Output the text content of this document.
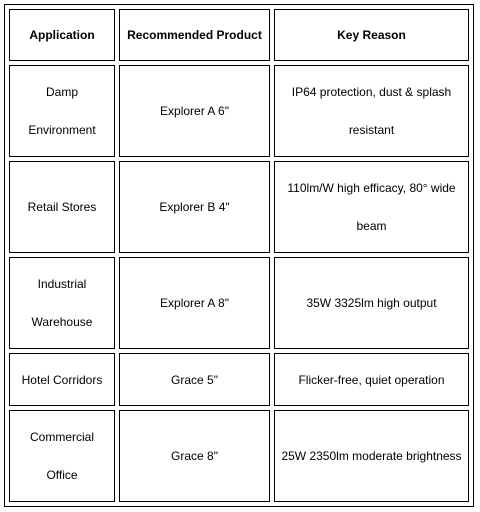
Application	Recommended Product	Key Reason

Damp Environment	Explorer A 6"	IP64 protection, dust & splash resistant

Retail Stores	Explorer B 4"	110lm/W high efficacy, 80° wide beam

Industrial Warehouse	Explorer A 8"	35W 3325lm high output

Hotel Corridors	Grace 5"	Flicker-free, quiet operation

Commercial Office	Grace 8"	25W 2350lm moderate brightness
